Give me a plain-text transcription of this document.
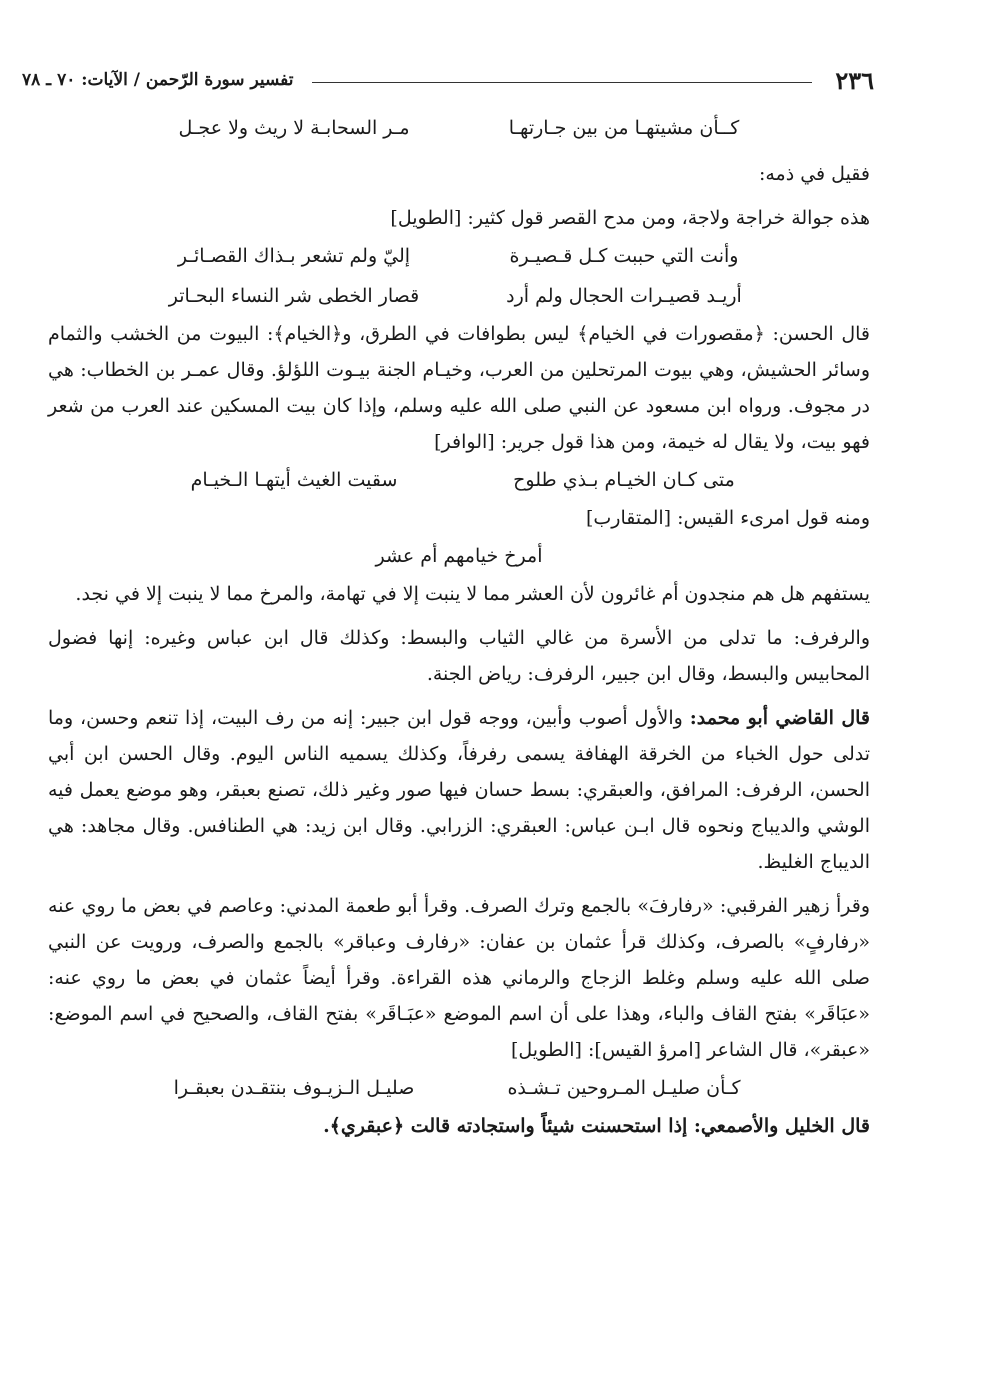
٢٣٦
تفسير سورة الرّحمن / الآيات: ٧٠ ـ ٧٨
كــأن مشيتهـا من بين جـارتهـا
مـر السحابـة لا ريث ولا عجـل

فقيل في ذمه:

هذه جوالة خراجة ولاجة، ومن مدح القصر قول كثير: [الطويل]

وأنت التي حببت كـل قـصيـرة
إليّ ولم تشعر بـذاك القصـائـر
أريـد قصيـرات الحجال ولم أرد
قصار الخطى شر النساء البحـاتر

قال الحسن: ﴿مقصورات في الخيام﴾ ليس بطوافات في الطرق، و﴿الخيام﴾: البيوت من الخشب والثمام وسائر الحشيش، وهي بيوت المرتحلين من العرب، وخيـام الجنة بيـوت اللؤلؤ. وقال عمـر بن الخطاب: هي در مجوف. ورواه ابن مسعود عن النبي صلى الله عليه وسلم، وإذا كان بيت المسكين عند العرب من شعر فهو بيت، ولا يقال له خيمة، ومن هذا قول جرير: [الوافر]

متى كـان الخيـام بـذي طلوح
سقيت الغيث أيتهـا الـخيـام

ومنه قول امرىء القيس: [المتقارب]

أمرخ خيامهم أم عشر

يستفهم هل هم منجدون أم غائرون لأن العشر مما لا ينبت إلا في تهامة، والمرخ مما لا ينبت إلا في نجد.

والرفرف: ما تدلى من الأسرة من غالي الثياب والبسط: وكذلك قال ابن عباس وغيره: إنها فضول المحابيس والبسط، وقال ابن جبير، الرفرف: رياض الجنة.

قال القاضي أبو محمد: والأول أصوب وأبين، ووجه قول ابن جبير: إنه من رف البيت، إذا تنعم وحسن، وما تدلى حول الخباء من الخرقة الهفافة يسمى رفرفاً، وكذلك يسميه الناس اليوم. وقال الحسن ابن أبي الحسن، الرفرف: المرافق، والعبقري: بسط حسان فيها صور وغير ذلك، تصنع بعبقر، وهو موضع يعمل فيه الوشي والديباج ونحوه قال ابـن عباس: العبقري: الزرابي. وقال ابن زيد: هي الطنافس. وقال مجاهد: هي الديباج الغليظ.

وقرأ زهير الفرقبي: «رفارفَ» بالجمع وترك الصرف. وقرأ أبو طعمة المدني: وعاصم في بعض ما روي عنه «رفارفٍ» بالصرف، وكذلك قرأ عثمان بن عفان: «رفارف وعباقر» بالجمع والصرف، ورويت عن النبي صلى الله عليه وسلم وغلط الزجاج والرماني هذه القراءة. وقرأ أيضاً عثمان في بعض ما روي عنه: «عبَاقَر» بفتح القاف والباء، وهذا على أن اسم الموضع «عبَـاقَر» بفتح القاف، والصحيح في اسم الموضع: «عبقر»، قال الشاعر [امرؤ القيس]: [الطويل]

كـأن صليـل المـروحين تـشـذه
صليـل الـزيـوف بنتقـدن بعبقـرا

قال الخليل والأصمعي: إذا استحسنت شيئاً واستجادته قالت ﴿عبقري﴾.
